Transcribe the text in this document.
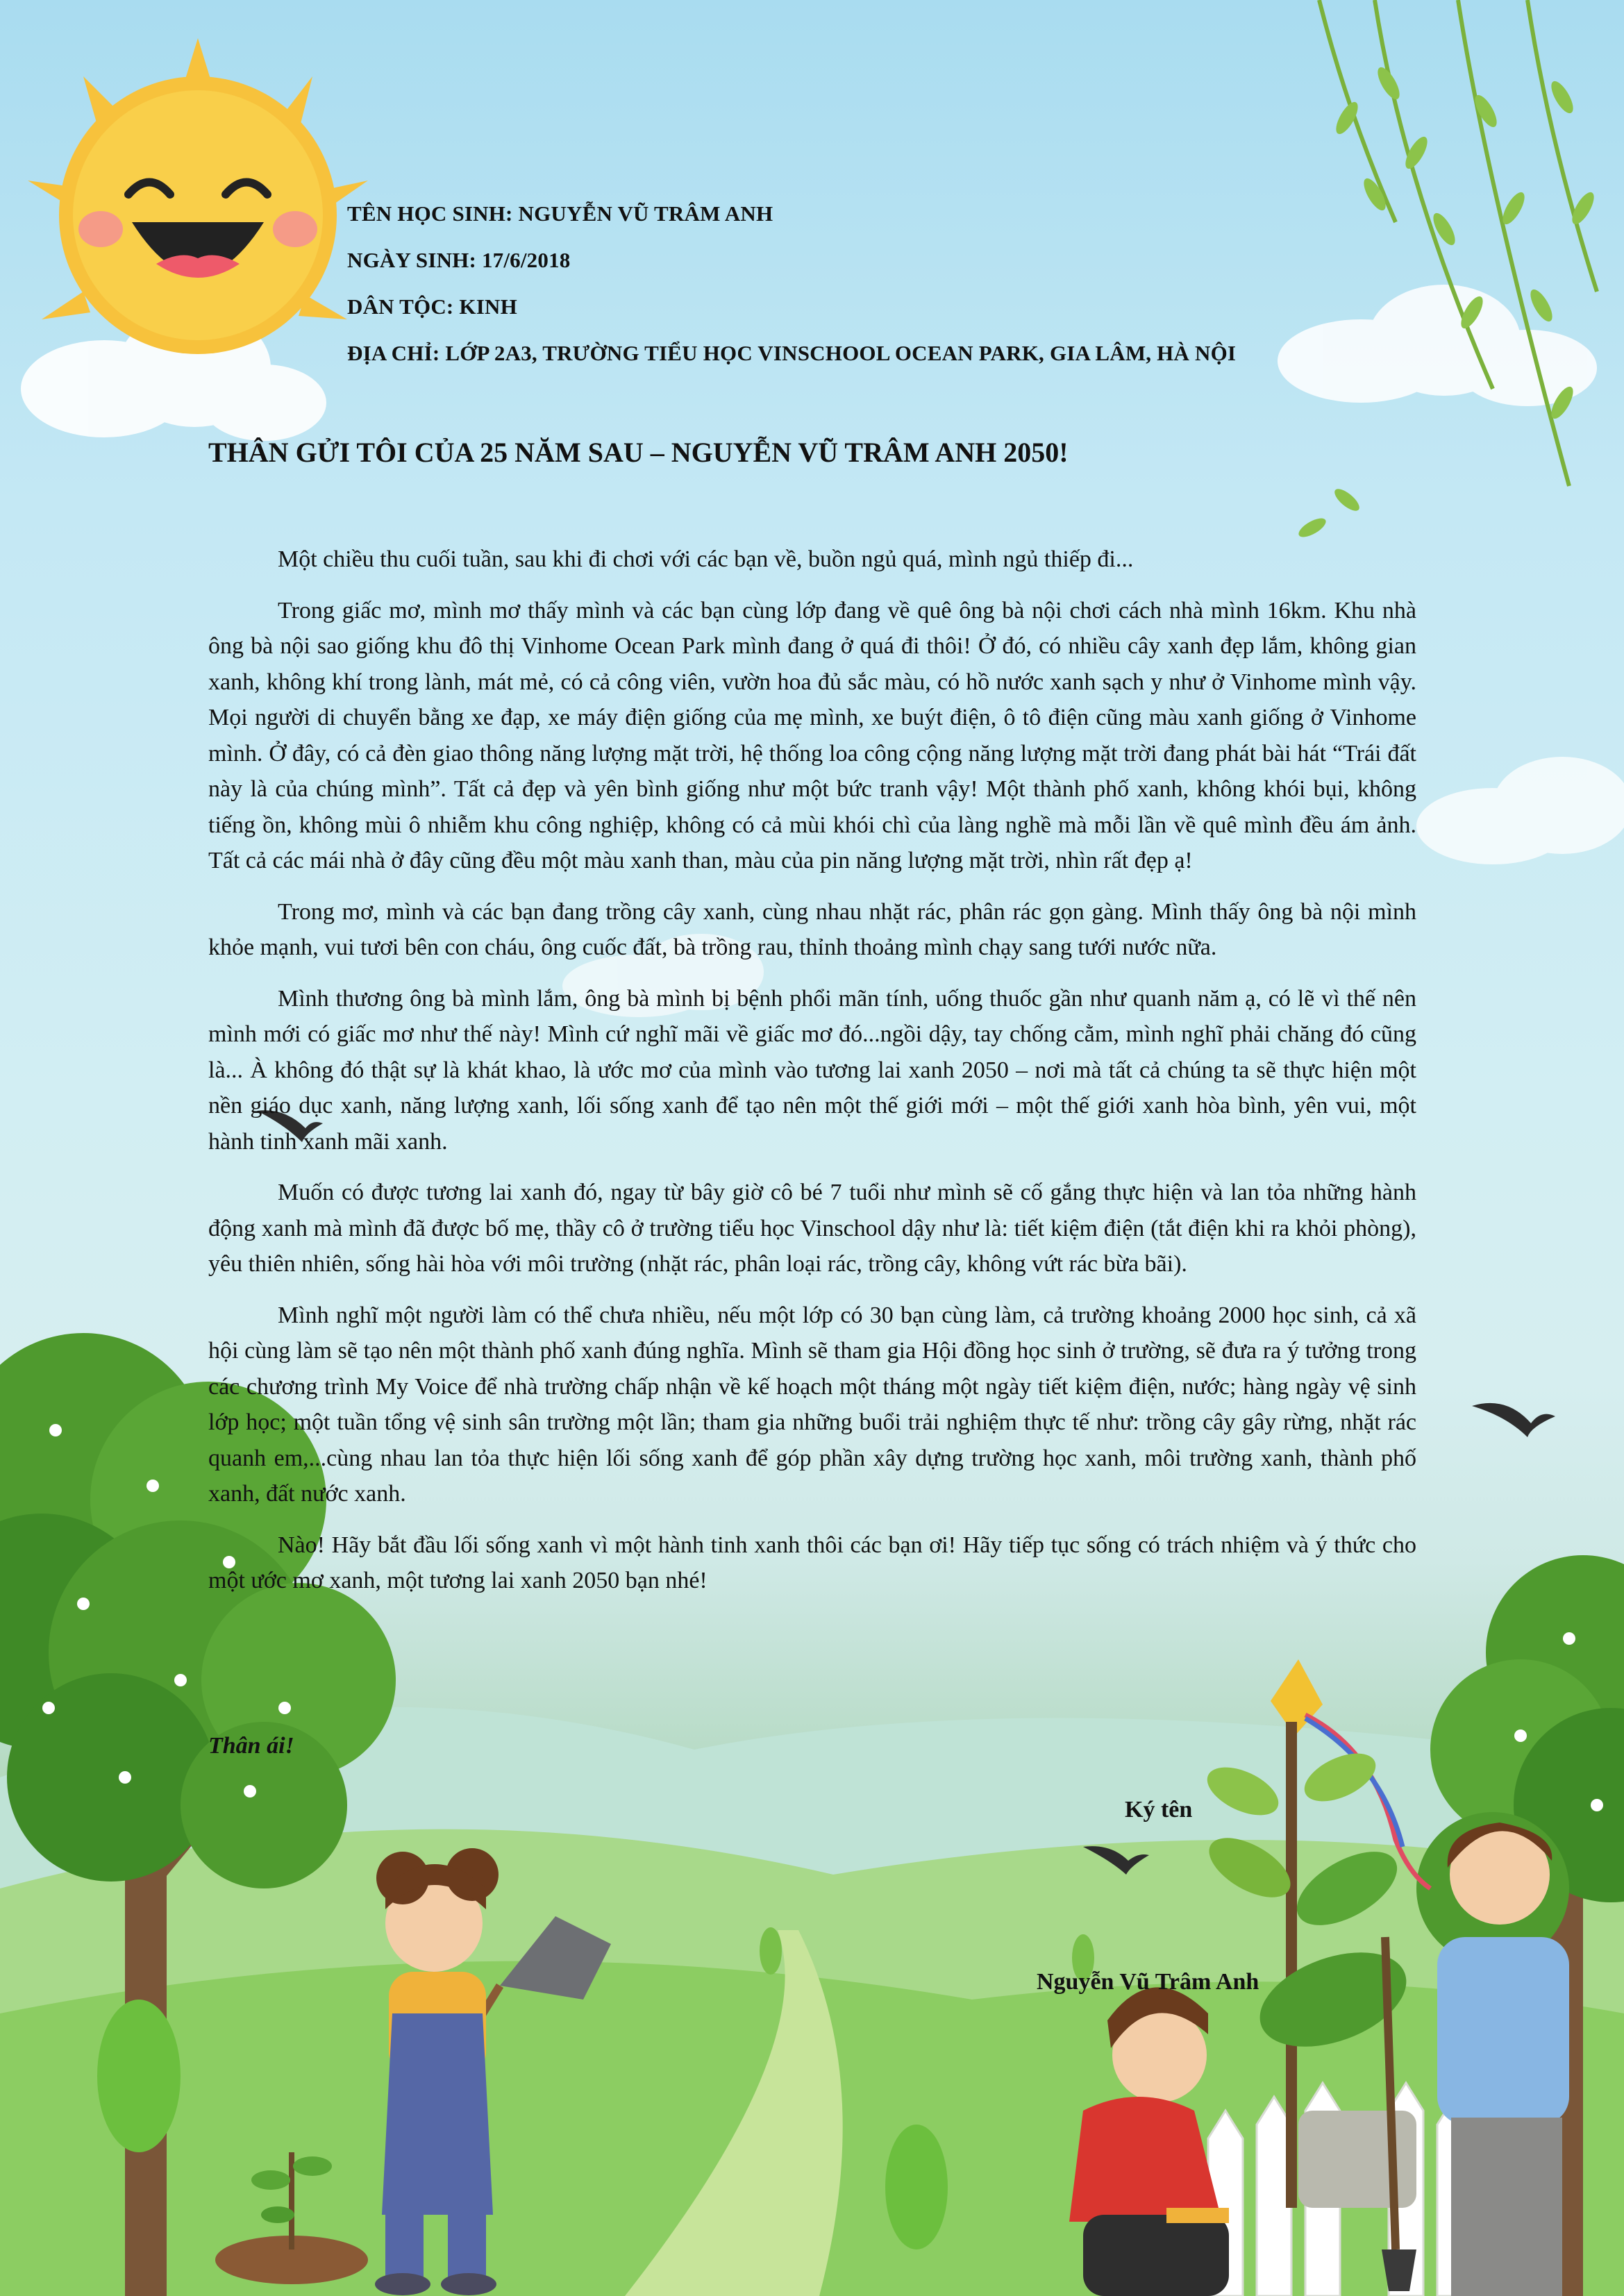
TÊN HỌC SINH: NGUYỄN VŨ TRÂM ANH
NGÀY SINH: 17/6/2018
DÂN TỘC: KINH
ĐỊA CHỈ: LỚP 2A3, TRƯỜNG TIỂU HỌC VINSCHOOL OCEAN PARK, GIA LÂM, HÀ NỘI
THÂN GỬI TÔI CỦA 25 NĂM SAU – NGUYỄN VŨ TRÂM ANH 2050!

Một chiều thu cuối tuần, sau khi đi chơi với các bạn về, buồn ngủ quá, mình ngủ thiếp đi...

Trong giấc mơ, mình mơ thấy mình và các bạn cùng lớp đang về quê ông bà nội chơi cách nhà mình 16km. Khu nhà ông bà nội sao giống khu đô thị Vinhome Ocean Park mình đang ở quá đi thôi! Ở đó, có nhiều cây xanh đẹp lắm, không gian xanh, không khí trong lành, mát mẻ, có cả công viên, vườn hoa đủ sắc màu, có hồ nước xanh sạch y như ở Vinhome mình vậy. Mọi người di chuyển bằng xe đạp, xe máy điện giống của mẹ mình, xe buýt điện, ô tô điện cũng màu xanh giống ở Vinhome mình. Ở đây, có cả đèn giao thông năng lượng mặt trời, hệ thống loa công cộng năng lượng mặt trời đang phát bài hát “Trái đất này là của chúng mình”. Tất cả đẹp và yên bình giống như một bức tranh vậy! Một thành phố xanh, không khói bụi, không tiếng ồn, không mùi ô nhiễm khu công nghiệp, không có cả mùi khói chì của làng nghề mà mỗi lần về quê mình đều ám ảnh. Tất cả các mái nhà ở đây cũng đều một màu xanh than, màu của pin năng lượng mặt trời, nhìn rất đẹp ạ!

Trong mơ, mình và các bạn đang trồng cây xanh, cùng nhau nhặt rác, phân rác gọn gàng. Mình thấy ông bà nội mình khỏe mạnh, vui tươi bên con cháu, ông cuốc đất, bà trồng rau, thỉnh thoảng mình chạy sang tưới nước nữa.

Mình thương ông bà mình lắm, ông bà mình bị bệnh phổi mãn tính, uống thuốc gần như quanh năm ạ, có lẽ vì thế nên mình mới có giấc mơ như thế này! Mình cứ nghĩ mãi về giấc mơ đó...ngồi dậy, tay chống cằm, mình nghĩ phải chăng đó cũng là... À không đó thật sự là khát khao, là ước mơ của mình vào tương lai xanh 2050 – nơi mà tất cả chúng ta sẽ thực hiện một nền giáo dục xanh, năng lượng xanh, lối sống xanh để tạo nên một thế giới mới – một thế giới xanh hòa bình, yên vui, một hành tinh xanh mãi xanh.

Muốn có được tương lai xanh đó, ngay từ bây giờ cô bé 7 tuổi như mình sẽ cố gắng thực hiện và lan tỏa những hành động xanh mà mình đã được bố mẹ, thầy cô ở trường tiểu học Vinschool dậy như là: tiết kiệm điện (tắt điện khi ra khỏi phòng), yêu thiên nhiên, sống hài hòa với môi trường (nhặt rác, phân loại rác, trồng cây, không vứt rác bừa bãi).

Mình nghĩ một người làm có thể chưa nhiều, nếu một lớp có 30 bạn cùng làm, cả trường khoảng 2000 học sinh, cả xã hội cùng làm sẽ tạo nên một thành phố xanh đúng nghĩa. Mình sẽ tham gia Hội đồng học sinh ở trường, sẽ đưa ra ý tưởng trong các chương trình My Voice để nhà trường chấp nhận về kế hoạch một tháng một ngày tiết kiệm điện, nước; hàng ngày vệ sinh lớp học; một tuần tổng vệ sinh sân trường một lần; tham gia những buổi trải nghiệm thực tế như: trồng cây gây rừng, nhặt rác quanh em,...cùng nhau lan tỏa thực hiện lối sống xanh để góp phần xây dựng trường học xanh, môi trường xanh, thành phố xanh, đất nước xanh.

Nào! Hãy bắt đầu lối sống xanh vì một hành tinh xanh thôi các bạn ơi! Hãy tiếp tục sống có trách nhiệm và ý thức cho một ước mơ xanh, một tương lai xanh 2050 bạn nhé!

Thân ái!
Ký tên
Nguyễn Vũ Trâm Anh
